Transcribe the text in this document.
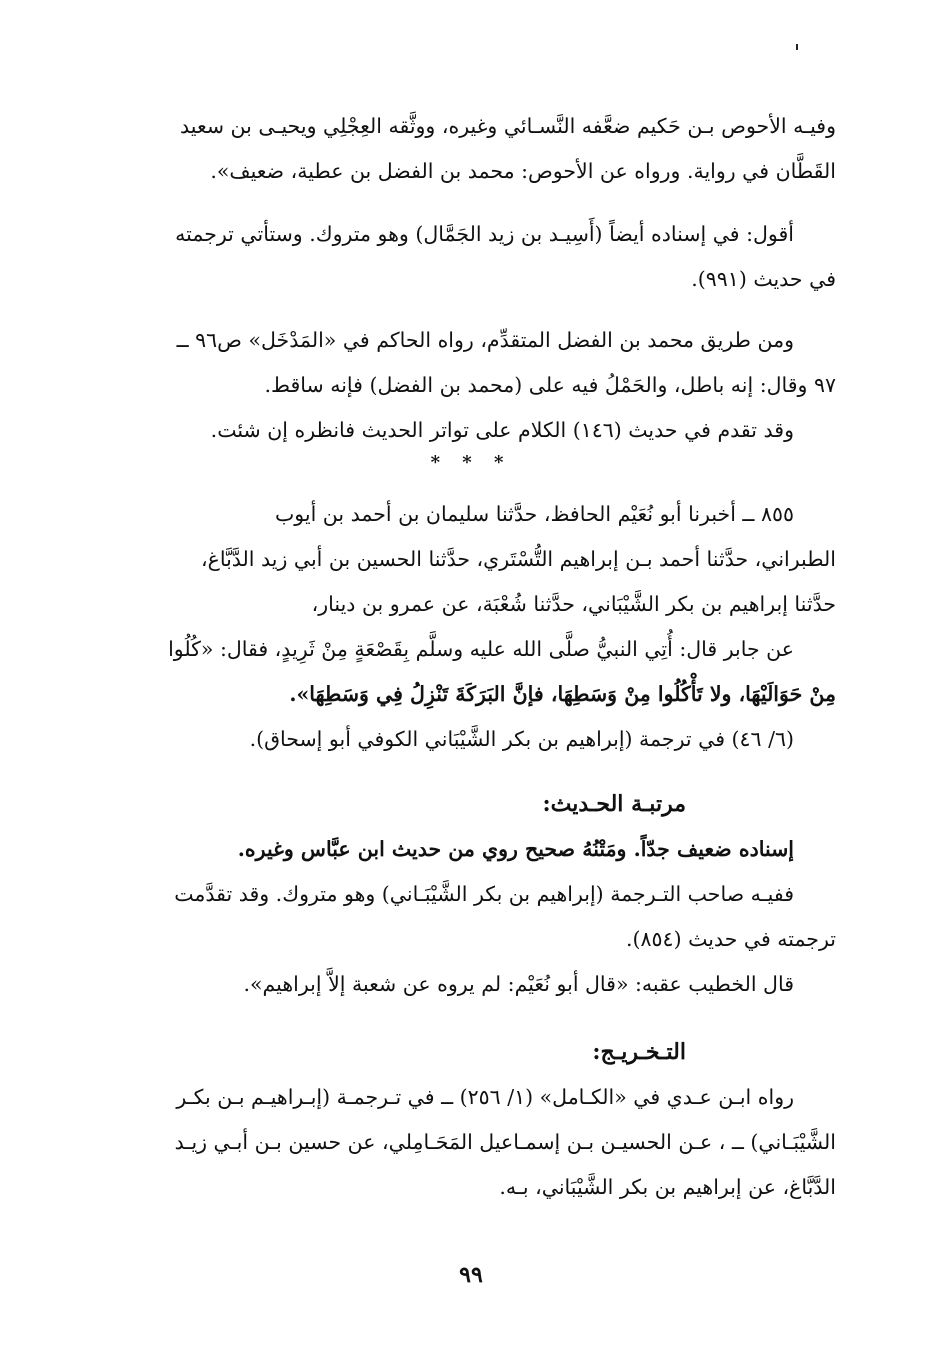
وفيـه الأحوص بـن حَكيم ضعَّفه النَّسـائي وغيره، ووثَّقه العِجْلِي ويحيـى بن سعيد
القَطَّان في رواية. ورواه عن الأحوص: محمد بن الفضل بن عطية، ضعيف».
أقول: في إسناده أيضاً (أَسِيـد بن زيد الجَمَّال) وهو متروك. وستأتي ترجمته
في حديث (٩٩١).
ومن طريق محمد بن الفضل المتقدِّم، رواه الحاكم في «المَدْخَل» ص٩٦ ــ
٩٧ وقال: إنه باطل، والحَمْلُ فيه على (محمد بن الفضل) فإنه ساقط.
وقد تقدم في حديث (١٤٦) الكلام على تواتر الحديث فانظره إن شئت.
* * *
٨٥٥ ــ أخبرنا أبو نُعَيْم الحافظ، حدَّثنا سليمان بن أحمد بن أيوب
الطبراني، حدَّثنا أحمد بـن إبراهيم التُّسْتَري، حدَّثنا الحسين بن أبي زيد الدَّبَّاغ،
حدَّثنا إبراهيم بن بكر الشَّيْبَاني، حدَّثنا شُعْبَة، عن عمرو بن دينار،
عن جابر قال: أُتِي النبيُّ صلَّى الله عليه وسلَّم بِقَصْعَةٍ مِنْ ثَرِيدٍ، فقال: «كُلُوا
مِنْ حَوَالَيْهَا، ولا تَأْكُلُوا مِنْ وَسَطِهَا، فإنَّ البَرَكَةَ تَنْزِلُ فِي وَسَطِهَا».
(٦/ ٤٦) في ترجمة (إبراهيم بن بكر الشَّيْبَاني الكوفي أبو إسحاق).
مرتبـة الحـديث:
إسناده ضعيف جدّاً. ومَتْنُهُ صحيح روي من حديث ابن عبَّاس وغيره.
ففيـه صاحب التـرجمة (إبراهيم بن بكر الشَّيْبَـاني) وهو متروك. وقد تقدَّمت
ترجمته في حديث (٨٥٤).
قال الخطيب عقبه: «قال أبو نُعَيْم: لم يروه عن شعبة إلاَّ إبراهيم».
التـخـريـج:
رواه ابـن عـدي في «الكـامل» (١/ ٢٥٦) ــ في تـرجمـة (إبـراهيـم بـن بكـر
الشَّيْبَـاني) ــ ، عـن الحسيـن بـن إسمـاعيل المَحَـامِلي، عن حسين بـن أبـي زيـد
الدَّبَّاغ، عن إبراهيم بن بكر الشَّيْبَاني، بـه.
٩٩
